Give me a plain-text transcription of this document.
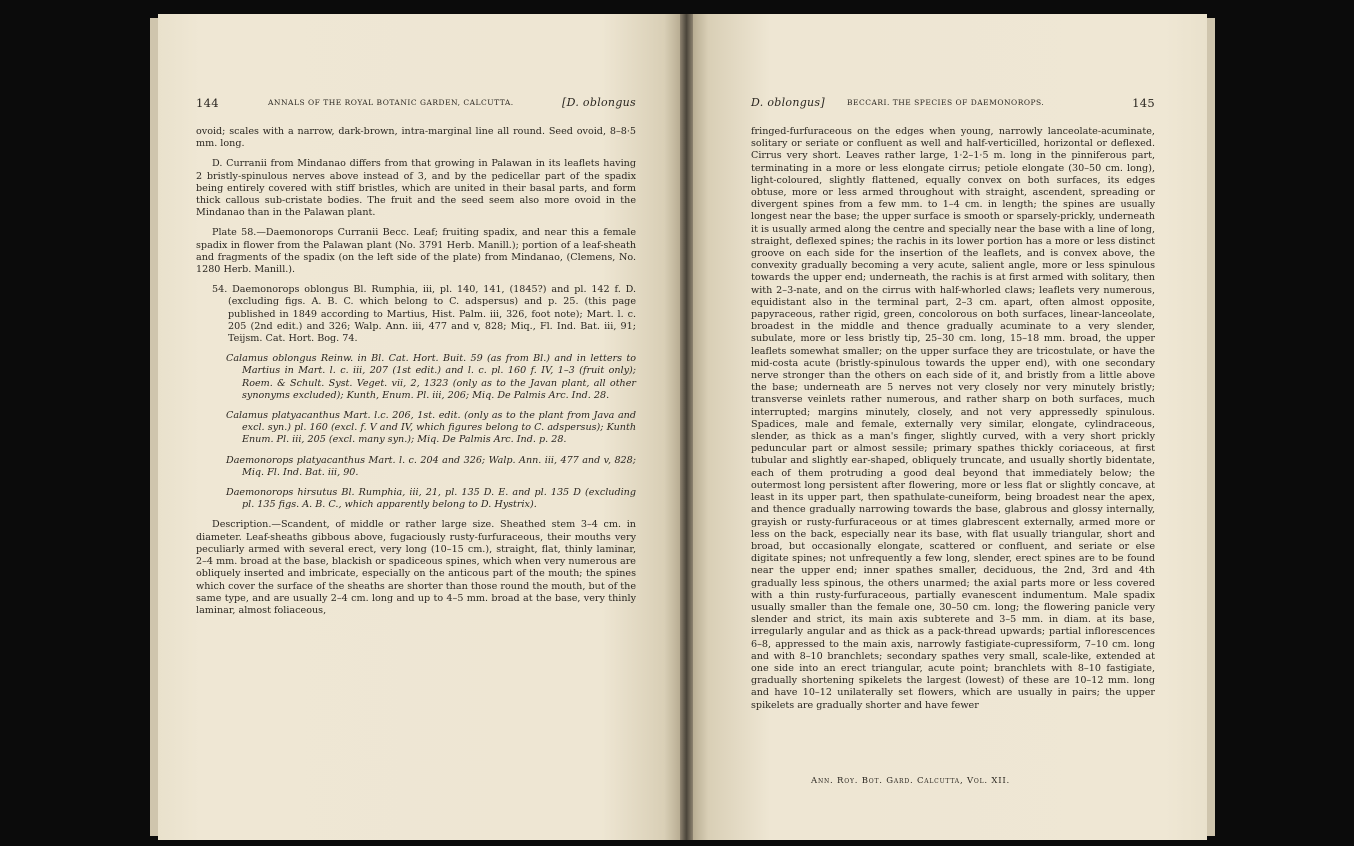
144	ANNALS OF THE ROYAL BOTANIC GARDEN, CALCUTTA.	[D. oblongus

ovoid; scales with a narrow, dark-brown, intra-marginal line all round. Seed ovoid, 8–8·5 mm. long.

D. Curranii from Mindanao differs from that growing in Palawan in its leaflets having 2 bristly-spinulous nerves above instead of 3, and by the pedicellar part of the spadix being entirely covered with stiff bristles, which are united in their basal parts, and form thick callous sub-cristate bodies. The fruit and the seed seem also more ovoid in the Mindanao than in the Palawan plant.

Plate 58.—Daemonorops Curranii Becc. Leaf; fruiting spadix, and near this a female spadix in flower from the Palawan plant (No. 3791 Herb. Manill.); portion of a leaf-sheath and fragments of the spadix (on the left side of the plate) from Mindanao, (Clemens, No. 1280 Herb. Manill.).

54. Daemonorops oblongus Bl. Rumphia, iii, pl. 140, 141, (1845?) and pl. 142 f. D. (excluding figs. A. B. C. which belong to C. adspersus) and p. 25. (this page published in 1849 according to Martius, Hist. Palm. iii, 326, foot note); Mart. l. c. 205 (2nd edit.) and 326; Walp. Ann. iii, 477 and v, 828; Miq., Fl. Ind. Bat. iii, 91; Teijsm. Cat. Hort. Bog. 74.

Calamus oblongus Reinw. in Bl. Cat. Hort. Buit. 59 (as from Bl.) and in letters to Martius in Mart. l. c. iii, 207 (1st edit.) and l. c. pl. 160 f. IV, 1–3 (fruit only); Roem. & Schult. Syst. Veget. vii, 2, 1323 (only as to the Javan plant, all other synonyms excluded); Kunth, Enum. Pl. iii, 206; Miq. De Palmis Arc. Ind. 28.

Calamus platyacanthus Mart. l.c. 206, 1st. edit. (only as to the plant from Java and excl. syn.) pl. 160 (excl. f. V and IV, which figures belong to C. adspersus); Kunth Enum. Pl. iii, 205 (excl. many syn.); Miq. De Palmis Arc. Ind. p. 28.

Daemonorops platyacanthus Mart. l. c. 204 and 326; Walp. Ann. iii, 477 and v, 828; Miq. Fl. Ind. Bat. iii, 90.

Daemonorops hirsutus Bl. Rumphia, iii, 21, pl. 135 D. E. and pl. 135 D (excluding pl. 135 figs. A. B. C., which apparently belong to D. Hystrix).

Description.—Scandent, of middle or rather large size. Sheathed stem 3–4 cm. in diameter. Leaf-sheaths gibbous above, fugaciously rusty-furfuraceous, their mouths very peculiarly armed with several erect, very long (10–15 cm.), straight, flat, thinly laminar, 2–4 mm. broad at the base, blackish or spadiceous spines, which when very numerous are obliquely inserted and imbricate, especially on the anticous part of the mouth; the spines which cover the surface of the sheaths are shorter than those round the mouth, but of the same type, and are usually 2–4 cm. long and up to 4–5 mm. broad at the base, very thinly laminar, almost foliaceous,

D. oblongus]	BECCARI. THE SPECIES OF DAEMONOROPS.	145

fringed-furfuraceous on the edges when young, narrowly lanceolate-acuminate, solitary or seriate or confluent as well and half-verticilled, horizontal or deflexed. Cirrus very short. Leaves rather large, 1·2–1·5 m. long in the pinniferous part, terminating in a more or less elongate cirrus; petiole elongate (30–50 cm. long), light-coloured, slightly flattened, equally convex on both surfaces, its edges obtuse, more or less armed throughout with straight, ascendent, spreading or divergent spines from a few mm. to 1–4 cm. in length; the spines are usually longest near the base; the upper surface is smooth or sparsely-prickly, underneath it is usually armed along the centre and specially near the base with a line of long, straight, deflexed spines; the rachis in its lower portion has a more or less distinct groove on each side for the insertion of the leaflets, and is convex above, the convexity gradually becoming a very acute, salient angle, more or less spinulous towards the upper end; underneath, the rachis is at first armed with solitary, then with 2–3-nate, and on the cirrus with half-whorled claws; leaflets very numerous, equidistant also in the terminal part, 2–3 cm. apart, often almost opposite, papyraceous, rather rigid, green, concolorous on both surfaces, linear-lanceolate, broadest in the middle and thence gradually acuminate to a very slender, subulate, more or less bristly tip, 25–30 cm. long, 15–18 mm. broad, the upper leaflets somewhat smaller; on the upper surface they are tricostulate, or have the mid-costa acute (bristly-spinulous towards the upper end), with one secondary nerve stronger than the others on each side of it, and bristly from a little above the base; underneath are 5 nerves not very closely nor very minutely bristly; transverse veinlets rather numerous, and rather sharp on both surfaces, much interrupted; margins minutely, closely, and not very appressedly spinulous. Spadices, male and female, externally very similar, elongate, cylindraceous, slender, as thick as a man's finger, slightly curved, with a very short prickly peduncular part or almost sessile; primary spathes thickly coriaceous, at first tubular and slightly ear-shaped, obliquely truncate, and usually shortly bidentate, each of them protruding a good deal beyond that immediately below; the outermost long persistent after flowering, more or less flat or slightly concave, at least in its upper part, then spathulate-cuneiform, being broadest near the apex, and thence gradually narrowing towards the base, glabrous and glossy internally, grayish or rusty-furfuraceous or at times glabrescent externally, armed more or less on the back, especially near its base, with flat usually triangular, short and broad, but occasionally elongate, scattered or confluent, and seriate or else digitate spines; not unfrequently a few long, slender, erect spines are to be found near the upper end; inner spathes smaller, deciduous, the 2nd, 3rd and 4th gradually less spinous, the others unarmed; the axial parts more or less covered with a thin rusty-furfuraceous, partially evanescent indumentum. Male spadix usually smaller than the female one, 30–50 cm. long; the flowering panicle very slender and strict, its main axis subterete and 3–5 mm. in diam. at its base, irregularly angular and as thick as a pack-thread upwards; partial inflorescences 6–8, appressed to the main axis, narrowly fastigiate-cupressiform, 7–10 cm. long and with 8–10 branchlets; secondary spathes very small, scale-like, extended at one side into an erect triangular, acute point; branchlets with 8–10 fastigiate, gradually shortening spikelets the largest (lowest) of these are 10–12 mm. long and have 10–12 unilaterally set flowers, which are usually in pairs; the upper spikelets are gradually shorter and have fewer

Ann. Roy. Bot. Gard. Calcutta, Vol. XII.
